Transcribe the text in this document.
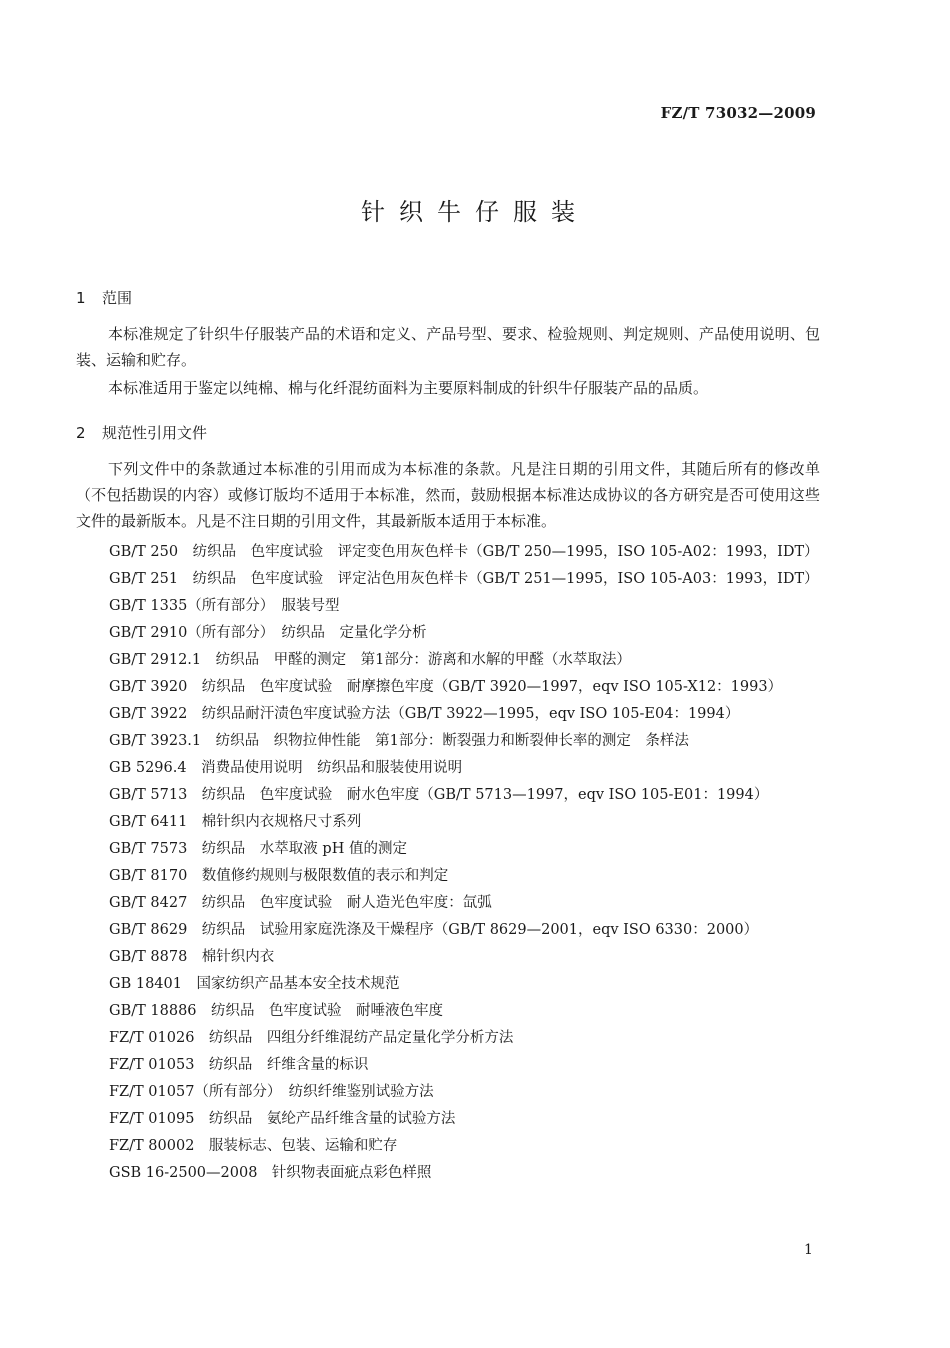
FZ/T 73032—2009
针织牛仔服装
1 范围

本标准规定了针织牛仔服装产品的术语和定义、产品号型、要求、检验规则、判定规则、产品使用说明、包装、运输和贮存。

本标准适用于鉴定以纯棉、棉与化纤混纺面料为主要原料制成的针织牛仔服装产品的品质。

2 规范性引用文件

下列文件中的条款通过本标准的引用而成为本标准的条款。凡是注日期的引用文件，其随后所有的修改单（不包括勘误的内容）或修订版均不适用于本标准，然而，鼓励根据本标准达成协议的各方研究是否可使用这些文件的最新版本。凡是不注日期的引用文件，其最新版本适用于本标准。

GB/T 250　纺织品　色牢度试验　评定变色用灰色样卡（GB/T 250—1995，ISO 105-A02：1993，IDT）
GB/T 251　纺织品　色牢度试验　评定沾色用灰色样卡（GB/T 251—1995，ISO 105-A03：1993，IDT）
GB/T 1335（所有部分）　服装号型
GB/T 2910（所有部分）　纺织品　定量化学分析
GB/T 2912.1　纺织品　甲醛的测定　第1部分：游离和水解的甲醛（水萃取法）
GB/T 3920　纺织品　色牢度试验　耐摩擦色牢度（GB/T 3920—1997，eqv ISO 105-X12：1993）
GB/T 3922　纺织品耐汗渍色牢度试验方法（GB/T 3922—1995，eqv ISO 105-E04：1994）
GB/T 3923.1　纺织品　织物拉伸性能　第1部分：断裂强力和断裂伸长率的测定　条样法
GB 5296.4　消费品使用说明　纺织品和服装使用说明
GB/T 5713　纺织品　色牢度试验　耐水色牢度（GB/T 5713—1997，eqv ISO 105-E01：1994）
GB/T 6411　棉针织内衣规格尺寸系列
GB/T 7573　纺织品　水萃取液 pH 值的测定
GB/T 8170　数值修约规则与极限数值的表示和判定
GB/T 8427　纺织品　色牢度试验　耐人造光色牢度：氙弧
GB/T 8629　纺织品　试验用家庭洗涤及干燥程序（GB/T 8629—2001，eqv ISO 6330：2000）
GB/T 8878　棉针织内衣
GB 18401　国家纺织产品基本安全技术规范
GB/T 18886　纺织品　色牢度试验　耐唾液色牢度
FZ/T 01026　纺织品　四组分纤维混纺产品定量化学分析方法
FZ/T 01053　纺织品　纤维含量的标识
FZ/T 01057（所有部分）　纺织纤维鉴别试验方法
FZ/T 01095　纺织品　氨纶产品纤维含量的试验方法
FZ/T 80002　服装标志、包装、运输和贮存
GSB 16-2500—2008　针织物表面疵点彩色样照
1
